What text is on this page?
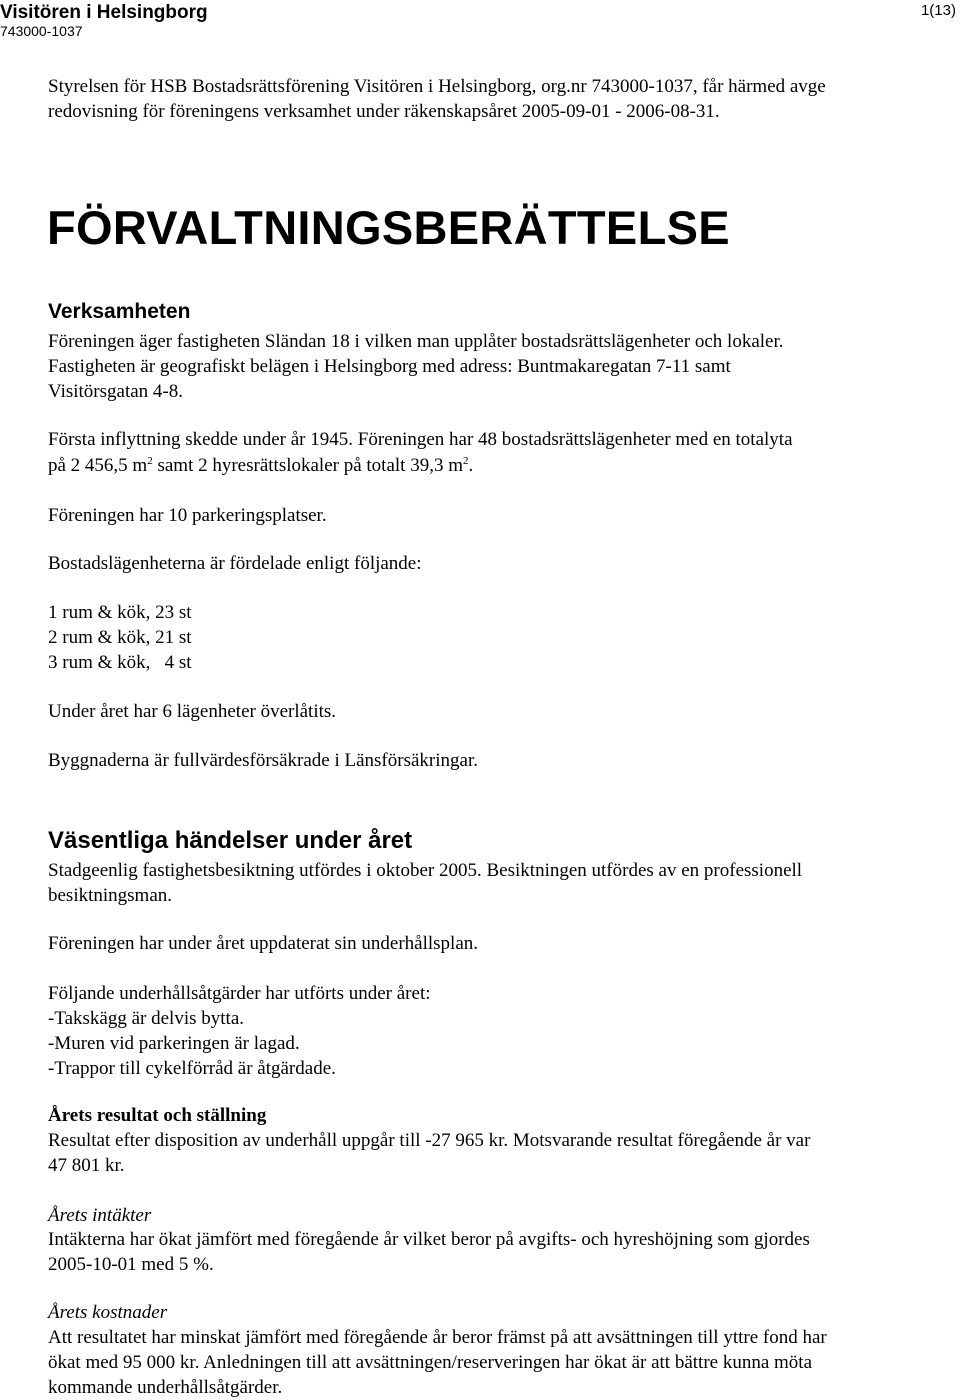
Visitören i Helsingborg
743000-1037
1(13)

Styrelsen för HSB Bostadsrättsförening Visitören i Helsingborg, org.nr 743000-1037, får härmed avge

redovisning för föreningens verksamhet under räkenskapsåret 2005-09-01 - 2006-08-31.

FÖRVALTNINGSBERÄTTELSE
Verksamheten

Föreningen äger fastigheten Sländan 18 i vilken man upplåter bostadsrättslägenheter och lokaler.

Fastigheten är geografiskt belägen i Helsingborg med adress: Buntmakaregatan 7-11 samt

Visitörsgatan 4-8.

Första inflyttning skedde under år 1945. Föreningen har 48 bostadsrättslägenheter med en totalyta

på 2 456,5 $m^2$ samt 2 hyresrättslokaler på totalt 39,3 $m^2$.

Föreningen har 10 parkeringsplatser.

Bostadslägenheterna är fördelade enligt följande:

1 rum & kök, 23 st

2 rum & kök, 21 st

3 rum & kök,   4 st

Under året har 6 lägenheter överlåtits.

Byggnaderna är fullvärdesförsäkrade i Länsförsäkringar.

Väsentliga händelser under året

Stadgeenlig fastighetsbesiktning utfördes i oktober 2005. Besiktningen utfördes av en professionell

besiktningsman.

Föreningen har under året uppdaterat sin underhållsplan.

Följande underhållsåtgärder har utförts under året:

-Takskägg är delvis bytta.

-Muren vid parkeringen är lagad.

-Trappor till cykelförråd är åtgärdade.

Årets resultat och ställning

Resultat efter disposition av underhåll uppgår till -27 965 kr. Motsvarande resultat föregående år var

47 801 kr.

Årets intäkter

Intäkterna har ökat jämfört med föregående år vilket beror på avgifts- och hyreshöjning som gjordes

2005-10-01 med 5 %.

Årets kostnader

Att resultatet har minskat jämfört med föregående år beror främst på att avsättningen till yttre fond har

ökat med 95 000 kr. Anledningen till att avsättningen/reserveringen har ökat är att bättre kunna möta

kommande underhållsåtgärder.
